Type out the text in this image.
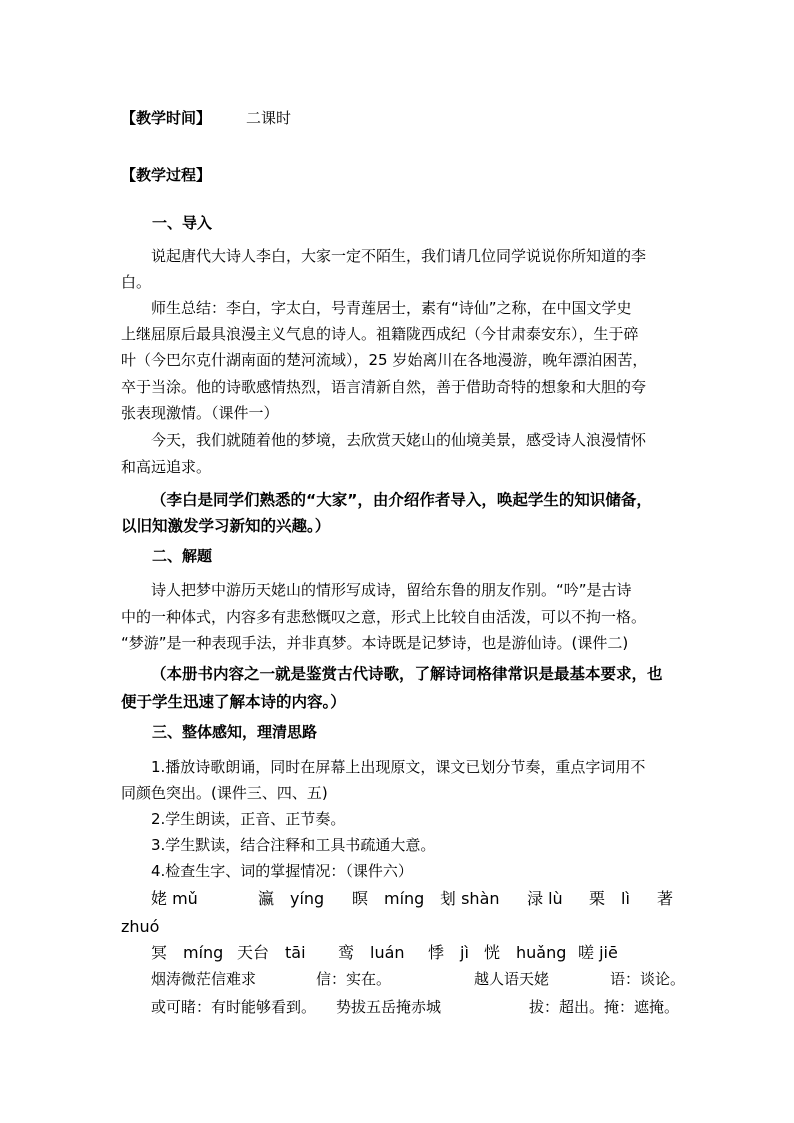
【教学时间】 二课时
【教学过程】
一、导入
说起唐代大诗人李白，大家一定不陌生，我们请几位同学说说你所知道的李
白。
师生总结：李白，字太白，号青莲居士，素有“诗仙”之称，在中国文学史
上继屈原后最具浪漫主义气息的诗人。祖籍陇西成纪（今甘肃泰安东），生于碎
叶（今巴尔克什湖南面的楚河流域），25 岁始离川在各地漫游，晚年漂泊困苦，
卒于当涂。他的诗歌感情热烈，语言清新自然，善于借助奇特的想象和大胆的夸
张表现激情。（课件一）
今天，我们就随着他的梦境，去欣赏天姥山的仙境美景，感受诗人浪漫情怀
和高远追求。
（李白是同学们熟悉的“大家”，由介绍作者导入，唤起学生的知识储备，
以旧知激发学习新知的兴趣。）
二、解题
诗人把梦中游历天姥山的情形写成诗，留给东鲁的朋友作别。“吟”是古诗
中的一种体式，内容多有悲愁慨叹之意，形式上比较自由活泼，可以不拘一格。
“梦游”是一种表现手法，并非真梦。本诗既是记梦诗，也是游仙诗。(课件二)
（本册书内容之一就是鉴赏古代诗歌，了解诗词格律常识是最基本要求，也
便于学生迅速了解本诗的内容。）
三、整体感知，理清思路
1.播放诗歌朗诵，同时在屏幕上出现原文，课文已划分节奏，重点字词用不
同颜色突出。(课件三、四、五)
2.学生朗读，正音、正节奏。
3.学生默读，结合注释和工具书疏通大意。
4.检查生字、词的掌握情况：（课件六）
姥 mǔ	瀛　yíng 暝　míng 刬 shàn 渌 lù 栗　lì 著
zhuó
冥　míng 天台　tāi 鸾　luán 悸　jì 恍　huǎng 嗟 jiē
烟涛微茫信难求	信：实在。	越人语天姥	语：谈论。
或可睹：有时能够看到。 势拔五岳掩赤城	拔：超出。掩：遮掩。
